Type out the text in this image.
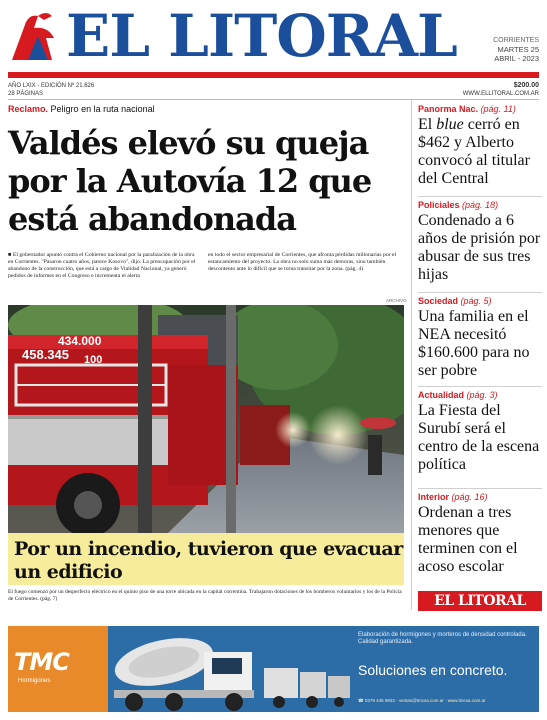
EL LITORAL	CORRIENTES
MARTES 25
ABRIL - 2023
AÑO LXIX - EDICIÓN Nº 21.626
28 PÁGINAS
$200.00
WWW.ELLITORAL.COM.AR
Reclamo. Peligro en la ruta nacional
Valdés elevó su queja por la Autovía 12 que está abandonada
■ El gobernador apuntó contra el Gobierno nacional por la paralización de la obra en Corrientes. "Pasaron cuatro años, parece Kosovo", dijo. La preocupación por el abandono de la construcción, que está a cargo de Vialidad Nacional, ya generó pedidos de informes en el Congreso e incrementa el alerta
en todo el sector empresarial de Corrientes, que afronta pérdidas millonarias por el estancamiento del proyecto. La obra no solo suma más demoras, sino también descontento ante lo difícil que se torna transitar por la zona. (pág. 4)
ARCHIVO
434.000
458.345 100
Por un incendio, tuvieron que evacuar un edificio
El fuego comenzó por un desperfecto eléctrico en el quinto piso de una torre ubicada en la capital correntina. Trabajaron dotaciones de los bomberos voluntarios y los de la Policía de Corrientes. (pág. 7)
Panorma Nac. (pág. 11)
El blue cerró en $462 y Alberto convocó al titular del Central
Policiales (pág. 18)
Condenado a 6 años de prisión por abusar de sus tres hijas
Sociedad (pág. 5)
Una familia en el NEA necesitó $160.600 para no ser pobre
Actualidad (pág. 3)
La Fiesta del Surubí será el centro de la escena política
Interior (pág. 16)
Ordenan a tres menores que terminen con el acoso escolar
EL LITORAL
TMC
Hormigones
Elaboración de hormigones y morteros de densidad controlada. Calidad garantizada.
Soluciones en concreto.
☎ 0379 445 9933 · ventas@tmcsa.com.ar · www.tmcsa.com.ar
